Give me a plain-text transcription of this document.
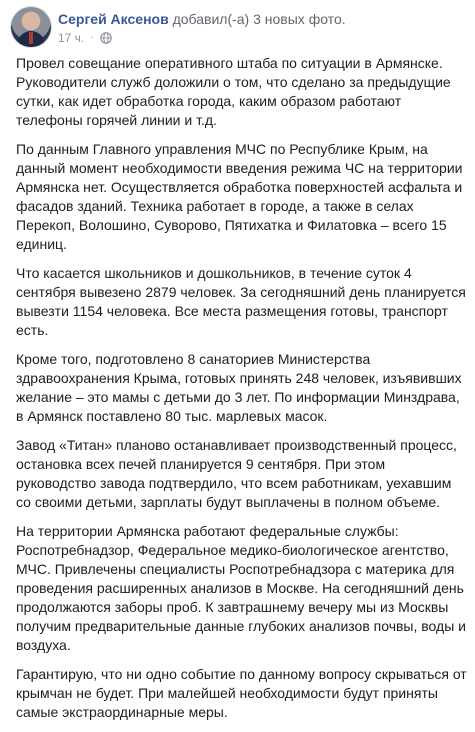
Сергей Аксенов добавил(-а) 3 новых фото.
17 ч. ·

Провел совещание оперативного штаба по ситуации в Армянске. Руководители служб доложили о том, что сделано за предыдущие сутки, как идет обработка города, каким образом работают телефоны горячей линии и т.д.

По данным Главного управления МЧС по Республике Крым, на данный момент необходимости введения режима ЧС на территории Армянска нет. Осуществляется обработка поверхностей асфальта и фасадов зданий. Техника работает в городе, а также в селах Перекоп, Волошино, Суворово, Пятихатка и Филатовка – всего 15 единиц.

Что касается школьников и дошкольников, в течение суток 4 сентября вывезено 2879 человек. За сегодняшний день планируется вывезти 1154 человека. Все места размещения готовы, транспорт есть.

Кроме того, подготовлено 8 санаториев Министерства здравоохранения Крыма, готовых принять 248 человек, изъявивших желание – это мамы с детьми до 3 лет. По информации Минздрава, в Армянск поставлено 80 тыс. марлевых масок.

Завод «Титан» планово останавливает производственный процесс, остановка всех печей планируется 9 сентября. При этом руководство завода подтвердило, что всем работникам, уехавшим со своими детьми, зарплаты будут выплачены в полном объеме.

На территории Армянска работают федеральные службы: Роспотребнадзор, Федеральное медико-биологическое агентство, МЧС. Привлечены специалисты Роспотребнадзора с материка для проведения расширенных анализов в Москве. На сегодняшний день продолжаются заборы проб. К завтрашнему вечеру мы из Москвы получим предварительные данные глубоких анализов почвы, воды и воздуха.

Гарантирую, что ни одно событие по данному вопросу скрываться от крымчан не будет. При малейшей необходимости будут приняты самые экстраординарные меры.
